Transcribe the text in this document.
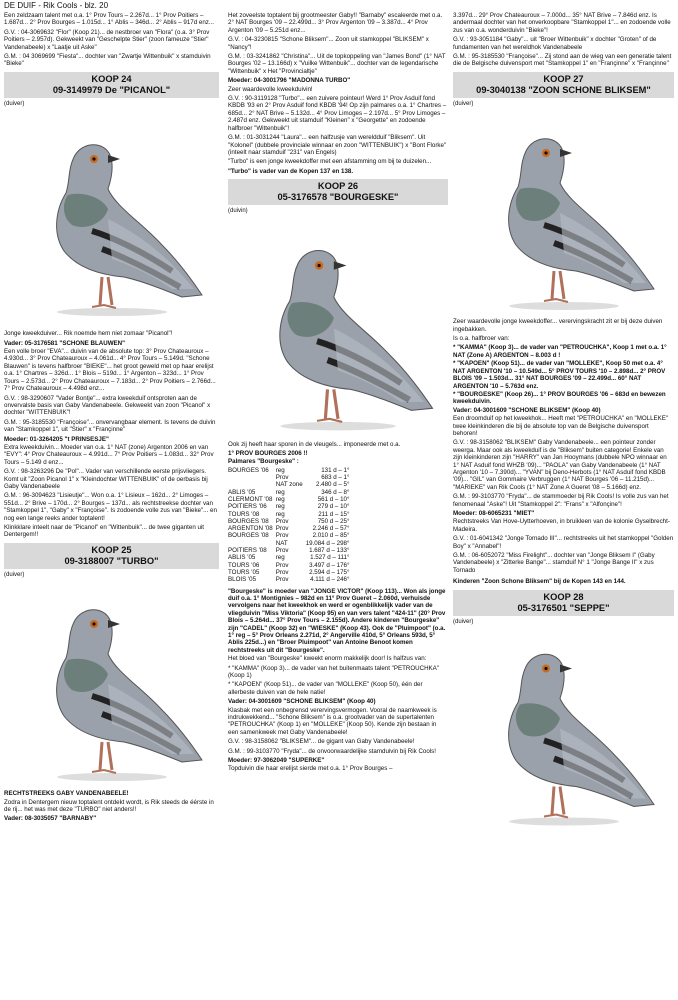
DE DUIF - Rik Cools - blz. 20

Een zeldzaam talent met o.a. 1° Prov Tours – 2.267d... 1° Prov Poitiers – 1.687d... 2° Prov Bourges – 1.015d... 1° Ablis – 346d... 2° Ablis – 917d enz...

G.V. : 04-3069632 "Flor" (Koop 21)... de nestbroer van "Flora" (o.a. 3° Prov Poitiers – 2.957d). Gekweekt van "Geschelpte Stier" (zoon fameuze "Stier" Vandenabeele) x "Laatje uit Aske"

G.M. : 04 3069699 "Fiesta"... dochter van "Zwartje Wittenbuik" x stamduivin "Bieke"

KOOP 24
09-3149979 De "PICANOL"
(duiver)

Jonge kweekduiver... Rik noemde hem niet zomaar "Picanol"!

Vader: 05-3176581 "SCHONE BLAUWEN"

Een volle broer "EVA"... duivin van de absolute top: 3° Prov Chateauroux – 4.930d... 3° Prov Chateauroux – 4.061d... 4° Prov Tours – 5.149d. "Schone Blauwen" is tevens halfbroer "BIEKE"... het groot geweld met op haar erelijst o.a. 1° Chartres – 326d... 1° Blois – 519d... 1° Argenton – 323d... 1° Prov Tours – 2.573d... 2° Prov Chateauroux – 7.183d... 2° Prov Poitiers – 2.766d... 7° Prov Chateauroux – 4.498d enz...

G.V. : 98-3290607 "Vader Bontje"... extra kweekduif ontsproten aan de onvervalste basis van Gaby Vandenabeele. Gekweekt van zoon "Picanol" x dochter "WITTENBUIK"!

G.M. : 95-3185530 "Françoise"... onvervangbaar element. Is tevens de duivin van "Stamkoppel 1", uit "Stier" x "Françinne"

Moeder: 01-3264205 "t PRINSESJE"

Extra kweekduivin... Moeder van o.a. 1° NAT (zone) Argenton 2006 en van "EVY": 4° Prov Chateauroux – 4.991d... 7° Prov Poitiers – 1.083d... 32° Prov Tours – 5.149 d enz...

G.V. : 98-3263296 De "Pol"... Vader van verschillende eerste prijsvliegers. Komt uit "Zoon Picanol 1" x "Kleindochter WITTENBUIK" of de oerbasis bij Gaby Vandenabeele

G.M. : 96-3094623 "Lisieutje"... Won o.a. 1° Lisieux – 162d... 2° Limoges – 551d... 2° Brive – 170d... 2° Bourges – 137d... als rechtstreekse dochter van "Stamkoppel 1", "Gaby" x "Françoise". Is zodoende volle zus van "Bieke"... en nog een lange reeks ander toptalent!

Klinkklare inteelt naar de "Picanol" en "Wittenbuik"... de twee giganten uit Dentergem!!

KOOP 25
09-3188007 "TURBO"
(duiver)

RECHTSTREEKS GABY VANDENABEELE!

Zodra in Dentergem nieuw toptalent ontdekt wordt, is Rik steeds de éérste in de rij... het was met deze "TURBO" niet anders!!

Vader: 08-3035057 "BARNABY"

Het zoveelste toptalent bij grootmeester Gaby!! "Barnaby" escaleerde met o.a. 2° NAT Bourges '09 – 22.499d... 3° Prov Argenton '09 – 3.387d... 4° Prov Argenton '09 – 5.251d enz...

G.V. : 04-3230815 "Schone Bliksem"... Zoon uit stamkoppel "BLIKSEM" x "Nancy"!

G.M. : 03-3241862 "Christina"... Uit de topkoppeling van "James Bond" (1° NAT Bourges '02 – 13.166d) x "Vuilke Wittenbuik"... dochter van de legendarische "Wittenbuik" x Het "Provincialtje"

Moeder: 04-3001796 "MADONNA TURBO"

Zeer waardevolle kweekduivin!

G.V. : 90-3119128 "Turbo"... een zuivere pointeur! Werd 1° Prov Asduif fond KBDB '93 en 2° Prov Asduif fond KBDB '94! Op zijn palmares o.a. 1° Chartres – 685d... 2° NAT Brive – 5.132d... 4° Prov Limoges – 2.197d... 5° Prov Limoges – 2.487d enz. Gekweekt uit stamduif "Kleinen" x "Georgette" en zodoende halfbroer "Wittenbuik"!

G.M. : 01-3031244 "Laura"... een halfzusje van wereldduif "Bliksem". Uit "Kolonel" (dubbele provinciale winnaar en zoon "WITTENBUIK") x "Bont Florke" (inteelt naar stamduif "231" van Engels)

"Turbo" is een jonge kweekdoffer met een afstamming om bij te duizelen...

"Turbo" is vader van de Kopen 137 en 138.

KOOP 26
05-3176578 "BOURGESKE"
(duivin)

Ook zij heeft haar sporen in de vleugels... imponeerde met o.a.

1° PROV BOURGES 2006 !!

Palmares "Bourgeske" :

BOURGES '06	reg	131 d – 1°
	Prov	683 d – 1°
	NAT zone	2.480 d – 5°
ABLIS '05	reg	346 d – 8°
CLERMONT '08	reg	561 d – 10°
POITIERS '06	reg	279 d – 10°
TOURS '08	reg	211 d – 15°
BOURGES '08	Prov	750 d – 25°
ARGENTON '08	Prov	2.246 d – 57°
BOURGES '08	Prov	2.010 d – 85°
	NAT	19.084 d – 298°
POITIERS '08	Prov	1.687 d – 133°
ABLIS '05	reg	1.527 d – 111°
TOURS '06	Prov	3.497 d – 176°
TOURS '05	Prov	2.594 d – 175°
BLOIS '05	Prov	4.111 d – 246°

"Bourgeske" is moeder van "JONGE VICTOR" (Koop 113)... Won als jonge duif o.a. 1° Montignies – 982d en 11° Prov Gueret – 2.060d, verhuisde vervolgens naar het kweekhok en werd er ogenblikkelijk vader van de vliegduivin "Miss Viktoria" (Koop 95) en van vers talent "424-11" (20° Prov Blois – 5.264d... 37° Prov Tours – 2.155d). Andere kinderen "Bourgeske" zijn "CADEL" (Koop 32) en "WIESKE" (Koop 43). Ook de "Pluimpoot" (o.a. 1° reg – 5° Prov Orleans 2.271d, 2° Angerville 410d, 5° Orleans 593d, 5° Ablis 225d...) en "Broer Pluimpoot" van Antoine Benoot komen rechtstreeks uit dit "Bourgeske".

Het bloed van "Bourgeske" kweekt enorm makkelijk door! Is halfzus van:

* "KAMMA" (Koop 3)... de vader van het buitenmaats talent "PETROUCHKA" (Koop 1)

* "KAPOEN" (Koop 51)... de vader van "MOLLEKE" (Koop 50), één der allerbeste duiven van de hele natie!

Vader: 04-3001609 "SCHONE BLIKSEM" (Koop 40)

Klasbak met een onbegrensd verervingsvermogen. Vooral de naamkweek is indrukwekkend... "Schone Bliksem" is o.a. grootvader van de supertalenten "PETROUCHKA" (Koop 1) en "MOLLEKE" (Koop 50). Kende zijn bestaan in een samenkweek met Gaby Vandenabeele!

G.V. : 98-3158062 "BLIKSEM"... de gigant van Gaby Vandenabeele!

G.M. : 99-3103770 "Fryda"... de onvoorwaardelijke stamduivin bij Rik Cools!

Moeder: 97-3062049 "SUPERKE"

Topduivin die haar erelijst sierde met o.a. 1° Prov Bourges –

3.397d... 29° Prov Chateauroux – 7.000d... 35° NAT Brive – 7.846d enz. Is andermaal dochter van het onverkoopbare "Stamkoppel 1"... en zodoende volle zus van o.a. wonderduivin "Bieke"!

G.V. : 93-3051184 "Gaby"... uit "Broer Wittenbuik" x dochter "Groten" of de fundamenten van het wereldhok Vandenabeele

G.M. : 95-3185530 "Françoise"... Zij stond aan de wieg van een generatie talent die de Belgische duivensport met "Stamkoppel 1" en "Françinne" x "Françinne"

KOOP 27
09-3040138 "ZOON SCHONE BLIKSEM"
(duiver)

Zeer waardevolle jonge kweekdoffer... verervingskracht zit er bij deze duiven ingebakken.

Is o.a. halfbroer van:

* "KAMMA" (Koop 3)... de vader van "PETROUCHKA", Koop 1 met o.a. 1° NAT (Zone A) ARGENTON – 8.003 d !

* "KAPOEN" (Koop 51)... de vader van "MOLLEKE", Koop 50 met o.a. 4° NAT ARGENTON '10 – 10.549d... 5° PROV TOURS '10 – 2.898d... 2° PROV BLOIS '09 – 1.503d... 31° NAT BOURGES '09 – 22.499d... 60° NAT ARGENTON '10 – 5.763d enz.

* "BOURGESKE" (Koop 26)... 1° PROV BOURGES '06 – 683d en bewezen kweekduivin.

Vader: 04-3001609 "SCHONE BLIKSEM" (Koop 40)

Een droomduif op het kweekhok... Heeft met "PETROUCHKA" en "MOLLEKE" twee kleinkinderen die bij de absolute top van de Belgische duivensport behoren!

G.V. : 98-3158062 "BLIKSEM" Gaby Vandenabeele... een pointeur zonder weerga. Maar ook als kweekduif is de "Bliksem" buiten categorie! Enkele van zijn kleinkinderen zijn "HARRY" van Jan Hooymans (dubbele NPO winnaar en 1° NAT Asduif fond WHZB '09)... "PAOLA" van Gaby Vandenabeele (1° NAT Argenton '10 – 7.390d)... "YVAN" bij Deno-Herbots (1° NAT Asduif fond KBDB '09)... "GIL" van Gommaire Verbruggen (1° NAT Bourges '06 – 11.215d)... "MARIEKE" van Rik Cools (1° NAT Zone A Gueret '08 – 5.166d) enz.

G.M. : 99-3103770 "Fryda"... de stammoeder bij Rik Cools! Is volle zus van het fenomenaal "Aske"! Uit "Stamkoppel 2": "Frans" x "Alfonçine"!

Moeder: 08-6065231 "MIET"

Rechtstreeks Van Hove-Uytterhoeven, in bruikleen van de koloniе Gyselbrecht-Madeira.

G.V. : 01-6041342 "Jonge Tornado III"... rechtstreeks uit het stamkoppel "Golden Boy" x "Annabel"!

G.M. : 06-6052072 "Miss Firelight"... dochter van "Jonge Bliksem I" (Gaby Vandenabeele) x "Zitterke Bange"... stamduif N° 1 "Jonge Bange II" x zus Tornado

Kinderen "Zoon Schone Bliksem" bij de Kopen 143 en 144.

KOOP 28
05-3176501 "SEPPE"
(duiver)
